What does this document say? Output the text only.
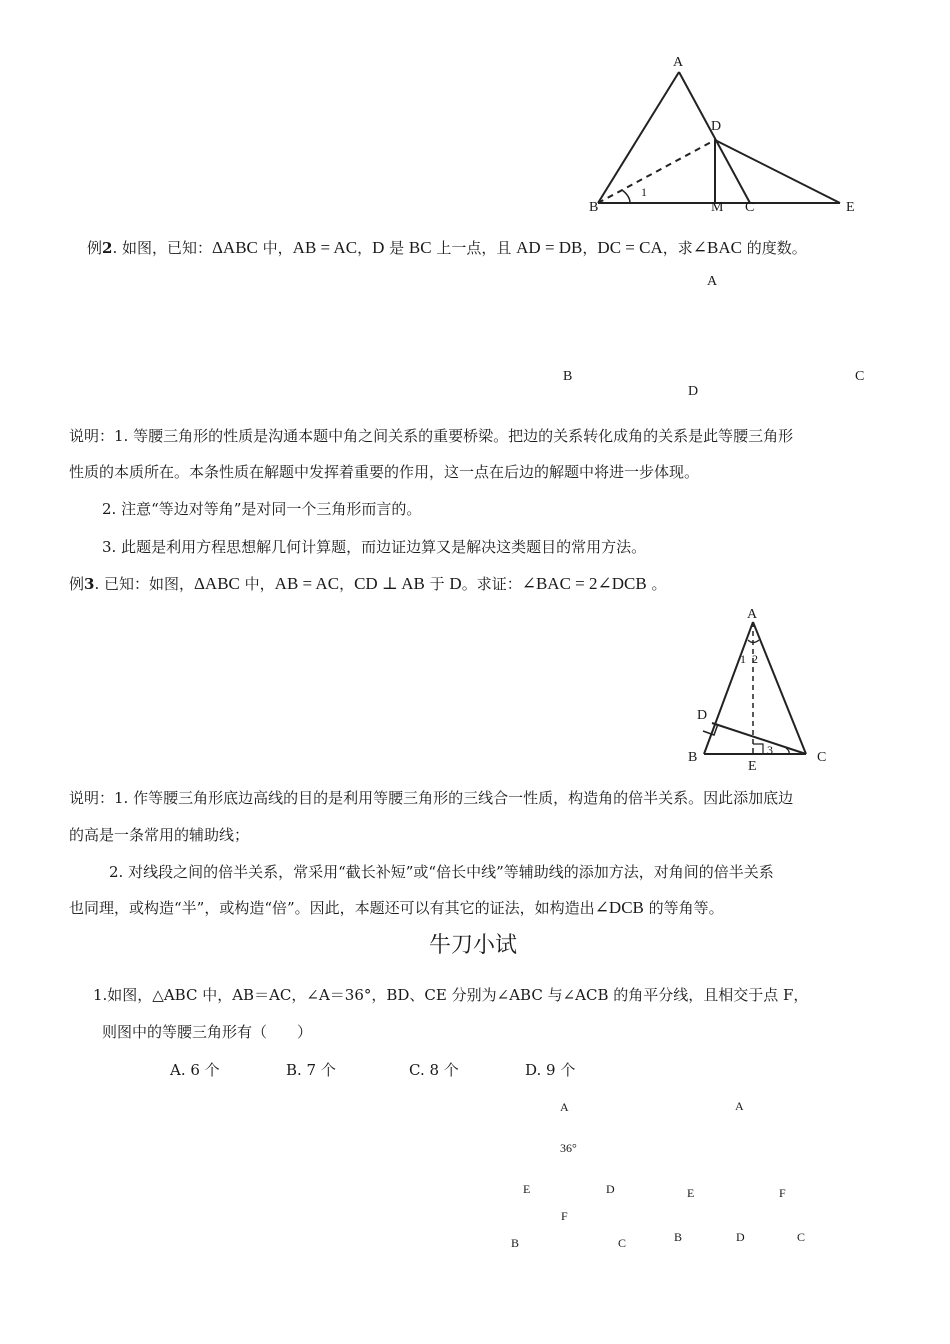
A
D
B
1
M C	E
例2. 如图，已知：ΔABC 中，AB = AC，D 是 BC 上一点，且 AD = DB，DC = CA，求∠BAC 的度数。
A
B
D
C
说明：1. 等腰三角形的性质是沟通本题中角之间关系的重要桥梁。把边的关系转化成角的关系是此等腰三角形
性质的本质所在。本条性质在解题中发挥着重要的作用，这一点在后边的解题中将进一步体现。
2. 注意“等边对等角”是对同一个三角形而言的。
3. 此题是利用方程思想解几何计算题，而边证边算又是解决这类题目的常用方法。
例3. 已知：如图，ΔABC 中，AB = AC，CD ⊥ AB 于 D。求证：∠BAC = 2∠DCB 。
A
1 2
D
B	3
E
C
说明：1. 作等腰三角形底边高线的目的是利用等腰三角形的三线合一性质，构造角的倍半关系。因此添加底边
的高是一条常用的辅助线；
2. 对线段之间的倍半关系，常采用“截长补短”或“倍长中线”等辅助线的添加方法，对角间的倍半关系
也同理，或构造“半”，或构造“倍”。因此，本题还可以有其它的证法，如构造出∠DCB 的等角等。
牛刀小试
1.如图，△ABC 中，AB＝AC，∠A＝36°，BD、CE 分别为∠ABC 与∠ACB 的角平分线，且相交于点 F，
则图中的等腰三角形有（　　）
A. 6 个	B. 7 个	C. 8 个	D. 9 个
A
36°
E	D
F
B	C
A
E	F
B	D	C
